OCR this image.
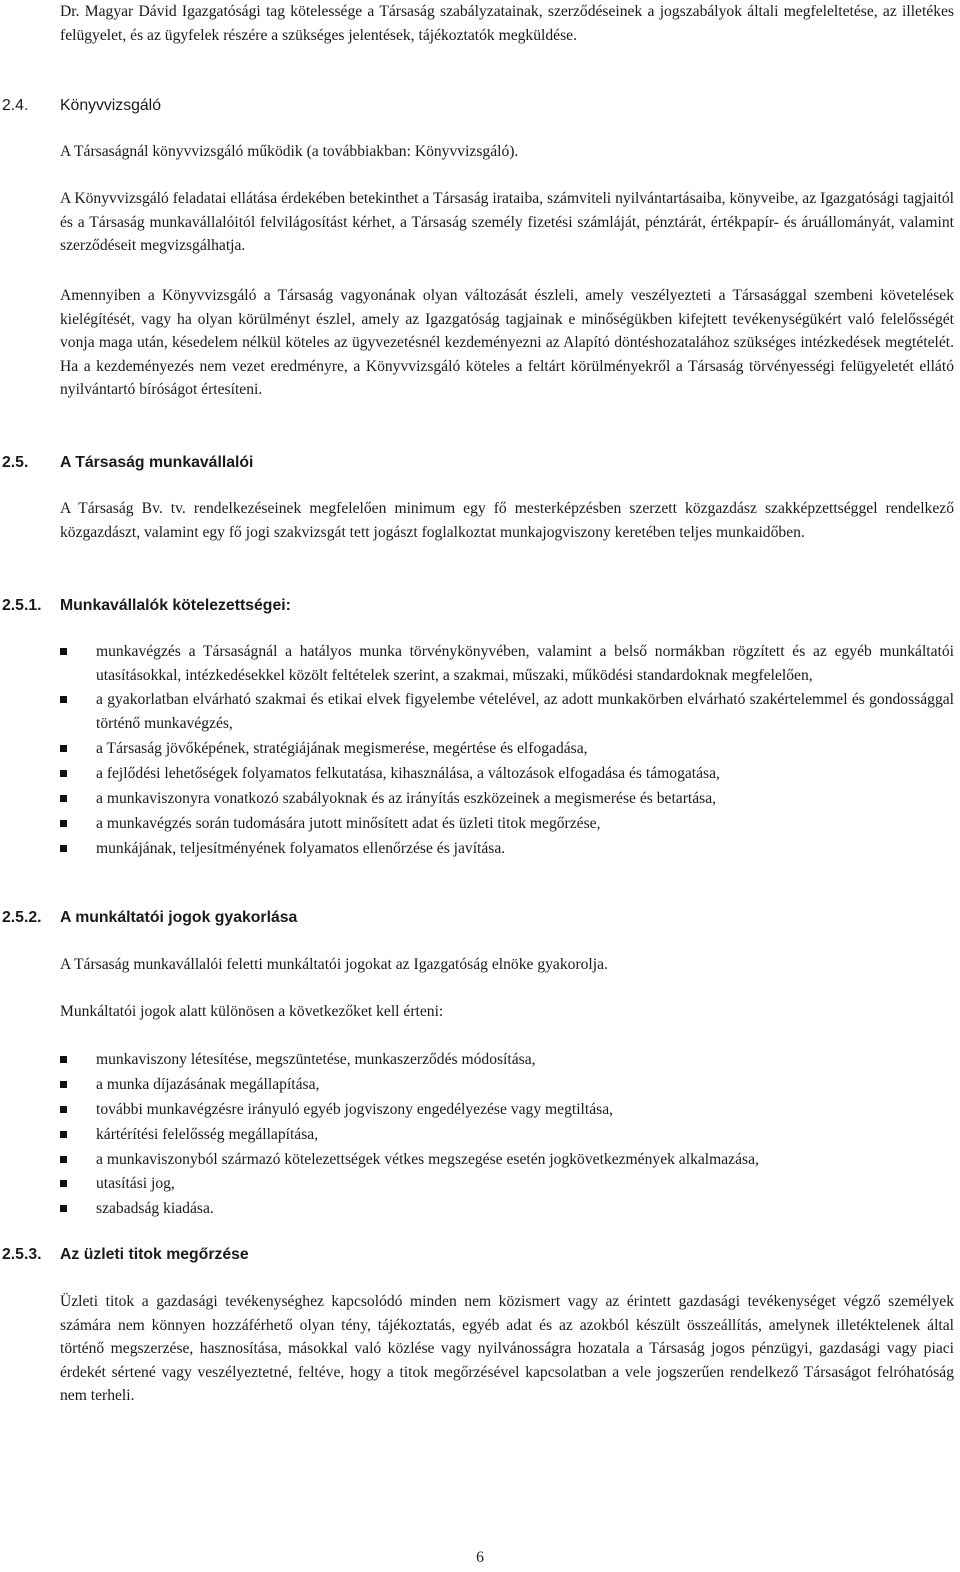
Dr. Magyar Dávid Igazgatósági tag kötelessége a Társaság szabályzatainak, szerződéseinek a jogszabályok általi megfeleltetése, az illetékes felügyelet, és az ügyfelek részére a szükséges jelentések, tájékoztatók megküldése.

2.4. Könyvvizsgáló

A Társaságnál könyvvizsgáló működik (a továbbiakban: Könyvvizsgáló).

A Könyvvizsgáló feladatai ellátása érdekében betekinthet a Társaság irataiba, számviteli nyilvántartásaiba, könyveibe, az Igazgatósági tagjaitól és a Társaság munkavállalóitól felvilágosítást kérhet, a Társaság személy fizetési számláját, pénztárát, értékpapír- és áruállományát, valamint szerződéseit megvizsgálhatja.

Amennyiben a Könyvvizsgáló a Társaság vagyonának olyan változását észleli, amely veszélyezteti a Társasággal szembeni követelések kielégítését, vagy ha olyan körülményt észlel, amely az Igazgatóság tagjainak e minőségükben kifejtett tevékenységükért való felelősségét vonja maga után, késedelem nélkül köteles az ügyvezetésnél kezdeményezni az Alapító döntéshozatalához szükséges intézkedések megtételét. Ha a kezdeményezés nem vezet eredményre, a Könyvvizsgáló köteles a feltárt körülményekről a Társaság törvényességi felügyeletét ellátó nyilvántartó bíróságot értesíteni.

2.5. A Társaság munkavállalói

A Társaság Bv. tv. rendelkezéseinek megfelelően minimum egy fő mesterképzésben szerzett közgazdász szakképzettséggel rendelkező közgazdászt, valamint egy fő jogi szakvizsgát tett jogászt foglalkoztat munkajogviszony keretében teljes munkaidőben.

2.5.1. Munkavállalók kötelezettségei:
munkavégzés a Társaságnál a hatályos munka törvénykönyvében, valamint a belső normákban rögzített és az egyéb munkáltatói utasításokkal, intézkedésekkel közölt feltételek szerint, a szakmai, műszaki, működési standardoknak megfelelően,
a gyakorlatban elvárható szakmai és etikai elvek figyelembe vételével, az adott munkakörben elvárható szakértelemmel és gondossággal történő munkavégzés,
a Társaság jövőképének, stratégiájának megismerése, megértése és elfogadása,
a fejlődési lehetőségek folyamatos felkutatása, kihasználása, a változások elfogadása és támogatása,
a munkaviszonyra vonatkozó szabályoknak és az irányítás eszközeinek a megismerése és betartása,
a munkavégzés során tudomására jutott minősített adat és üzleti titok megőrzése,
munkájának, teljesítményének folyamatos ellenőrzése és javítása.
2.5.2. A munkáltatói jogok gyakorlása

A Társaság munkavállalói feletti munkáltatói jogokat az Igazgatóság elnöke gyakorolja.

Munkáltatói jogok alatt különösen a következőket kell érteni:

munkaviszony létesítése, megszüntetése, munkaszerződés módosítása,
a munka díjazásának megállapítása,
további munkavégzésre irányuló egyéb jogviszony engedélyezése vagy megtiltása,
kártérítési felelősség megállapítása,
a munkaviszonyból származó kötelezettségek vétkes megszegése esetén jogkövetkezmények alkalmazása,
utasítási jog,
szabadság kiadása.
2.5.3. Az üzleti titok megőrzése

Üzleti titok a gazdasági tevékenységhez kapcsolódó minden nem közismert vagy az érintett gazdasági tevékenységet végző személyek számára nem könnyen hozzáférhető olyan tény, tájékoztatás, egyéb adat és az azokból készült összeállítás, amelynek illetéktelenek által történő megszerzése, hasznosítása, másokkal való közlése vagy nyilvánosságra hozatala a Társaság jogos pénzügyi, gazdasági vagy piaci érdekét sértené vagy veszélyeztetné, feltéve, hogy a titok megőrzésével kapcsolatban a vele jogszerűen rendelkező Társaságot felróhatóság nem terheli.

6
